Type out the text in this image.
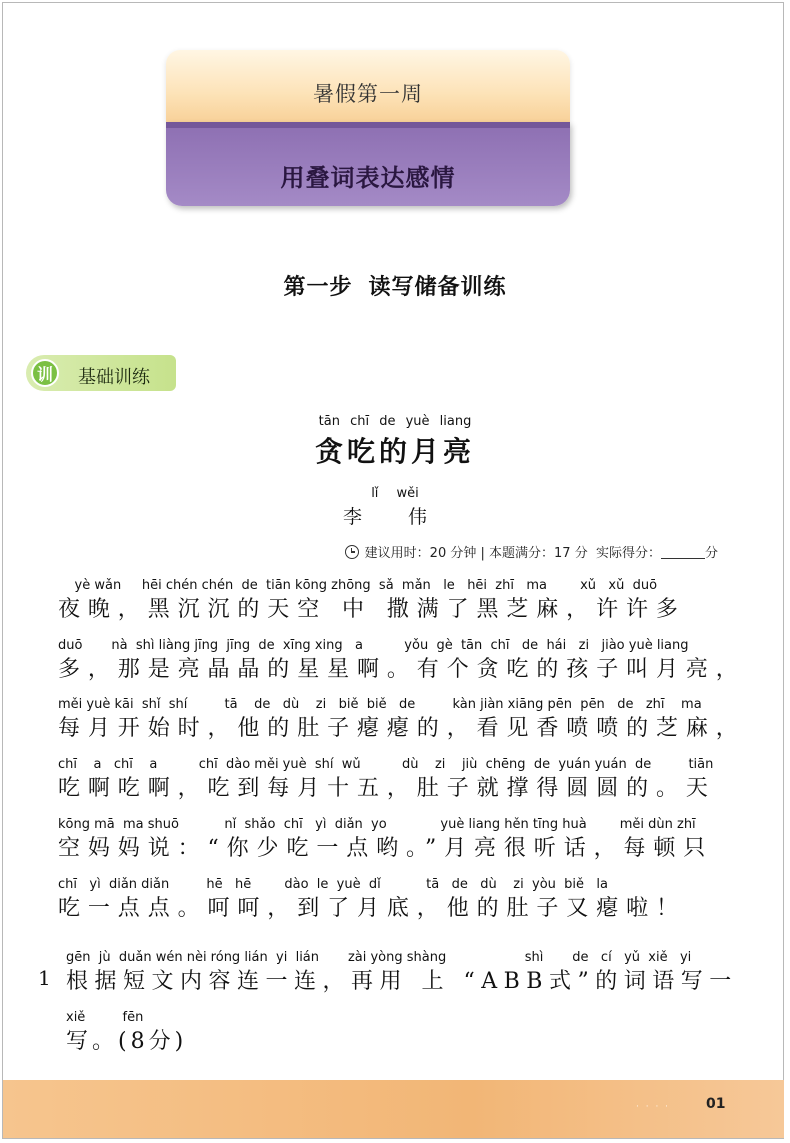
暑假第一周
用叠词表达感情
第一步 读写储备训练
训	基础训练
tān chī de yuè liang
贪吃的月亮
lǐ wěi
李 伟
建议用时：20 分钟 | 本题满分：17 分 实际得分：	分
yè wǎn     hēi chén chén  de  tiān kōng zhōng  sǎ  mǎn   le   hēi  zhī   ma        xǔ   xǔ  duō
夜晚，黑沉沉的天空 中 撒满了黑芝麻，许许多
duō       nà  shì liàng jīng  jīng  de  xīng xing   a          yǒu  gè  tān  chī   de  hái   zi   jiào yuè liang
多，那是亮晶晶的星星啊。有个贪吃的孩子叫月亮，
měi yuè kāi  shǐ  shí         tā    de   dù    zi   biě  biě   de         kàn jiàn xiāng pēn  pēn   de   zhī    ma
每月开始时，他的肚子瘪瘪的，看见香喷喷的芝麻，
chī    a   chī    a          chī  dào měi yuè  shí  wǔ          dù    zi    jiù  chēng  de  yuán yuán  de         tiān
吃啊吃啊，吃到每月十五，肚子就撑得圆圆的。天
kōng mā  ma shuō           nǐ  shǎo  chī   yì  diǎn  yo             yuè liang hěn tīng huà        měi dùn zhī
空妈妈说：“你少吃一点哟。”月亮很听话，每顿只
chī   yì  diǎn diǎn         hē   hē        dào  le  yuè  dǐ           tā   de   dù    zi  yòu  biě   la
吃一点点。呵呵，到了月底，他的肚子又瘪啦！
1
gēn  jù  duǎn wén nèi róng lián  yi  lián       zài yòng shàng                   shì       de   cí   yǔ  xiě   yi
根据短文内容连一连，再用 上 “ABB式”的词语写一
xiě         fēn
写。(8分)
· · · ·	01
